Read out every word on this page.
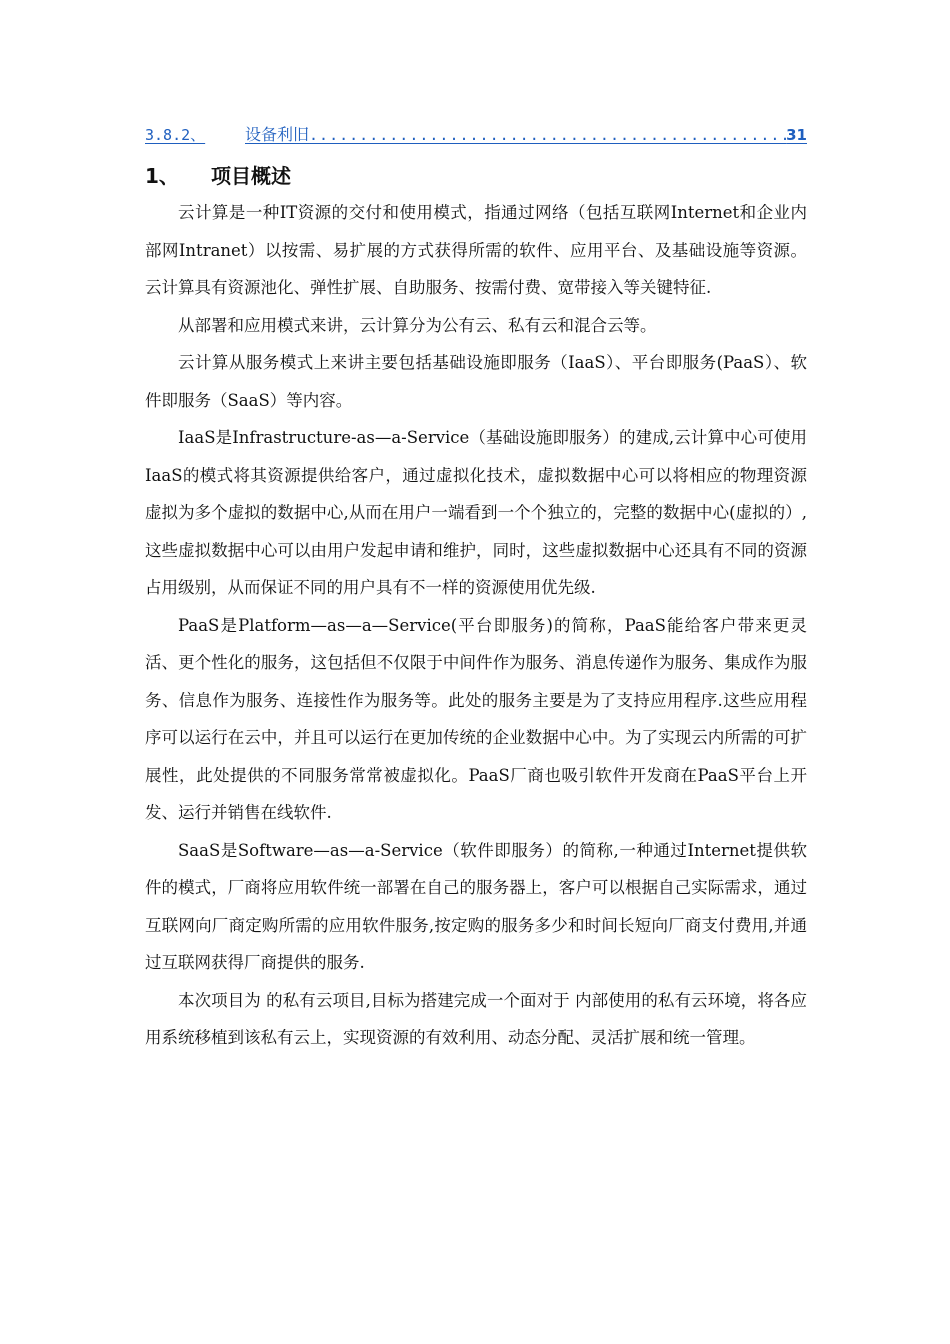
3.8.2、	设备利旧
.....	31
1、	项目概述

云计算是一种IT资源的交付和使用模式，指通过网络（包括互联网Internet和企业内部网Intranet）以按需、易扩展的方式获得所需的软件、应用平台、及基础设施等资源。云计算具有资源池化、弹性扩展、自助服务、按需付费、宽带接入等关键特征.

从部署和应用模式来讲，云计算分为公有云、私有云和混合云等。

云计算从服务模式上来讲主要包括基础设施即服务（IaaS）、平台即服务(PaaS）、软件即服务（SaaS）等内容。

IaaS是Infrastructure-as—a-Service（基础设施即服务）的建成,云计算中心可使用IaaS的模式将其资源提供给客户，通过虚拟化技术，虚拟数据中心可以将相应的物理资源虚拟为多个虚拟的数据中心,从而在用户一端看到一个个独立的，完整的数据中心(虚拟的）,这些虚拟数据中心可以由用户发起申请和维护，同时，这些虚拟数据中心还具有不同的资源占用级别，从而保证不同的用户具有不一样的资源使用优先级.

PaaS是Platform—as—a—Service(平台即服务)的简称，PaaS能给客户带来更灵活、更个性化的服务，这包括但不仅限于中间件作为服务、消息传递作为服务、集成作为服务、信息作为服务、连接性作为服务等。此处的服务主要是为了支持应用程序.这些应用程序可以运行在云中，并且可以运行在更加传统的企业数据中心中。为了实现云内所需的可扩展性，此处提供的不同服务常常被虚拟化。PaaS厂商也吸引软件开发商在PaaS平台上开发、运行并销售在线软件.

SaaS是Software—as—a-Service（软件即服务）的简称,一种通过Internet提供软件的模式，厂商将应用软件统一部署在自己的服务器上，客户可以根据自己实际需求，通过互联网向厂商定购所需的应用软件服务,按定购的服务多少和时间长短向厂商支付费用,并通过互联网获得厂商提供的服务.

本次项目为 的私有云项目,目标为搭建完成一个面对于 内部使用的私有云环境，将各应用系统移植到该私有云上，实现资源的有效利用、动态分配、灵活扩展和统一管理。
